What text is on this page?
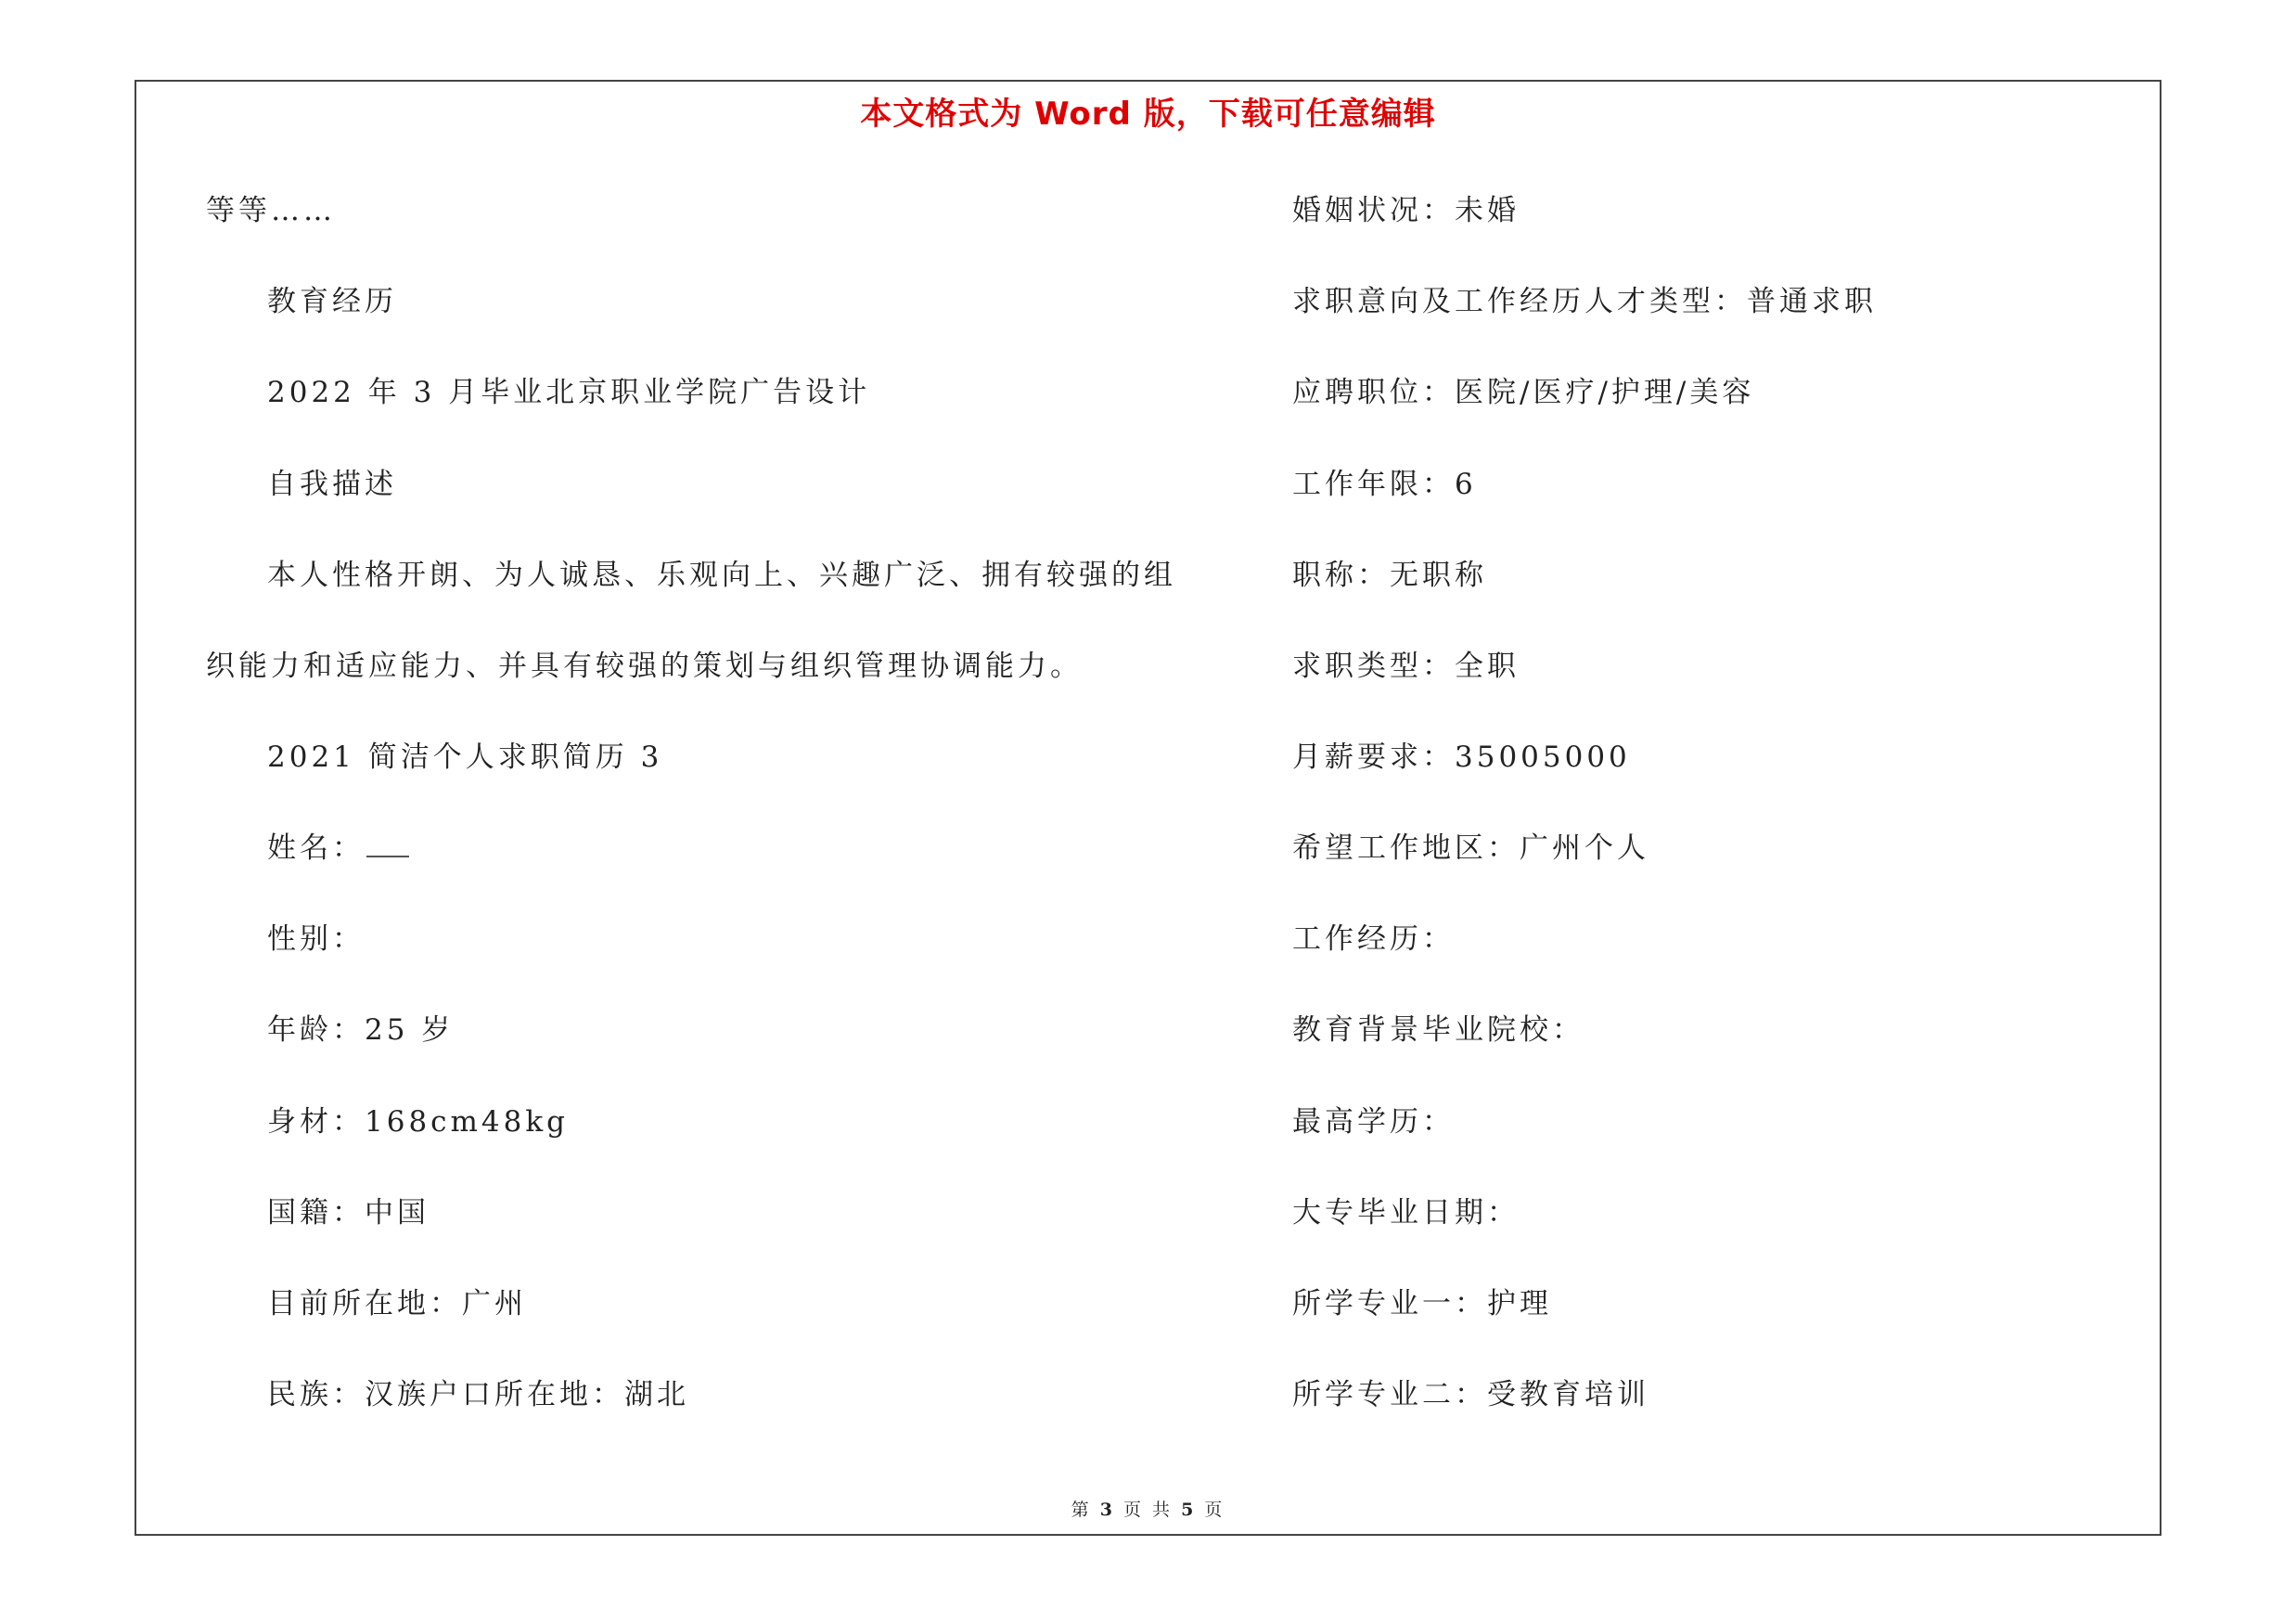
本文格式为 Word 版，下载可任意编辑
等等……
教育经历
2022 年 3 月毕业北京职业学院广告设计
自我描述
本人性格开朗、为人诚恳、乐观向上、兴趣广泛、拥有较强的组
织能力和适应能力、并具有较强的策划与组织管理协调能力。
2021 简洁个人求职简历 3
姓名：
性别：
年龄：25 岁
身材：168cm48kg
国籍：中国
目前所在地：广州
民族：汉族户口所在地：湖北
婚姻状况：未婚
求职意向及工作经历人才类型：普通求职
应聘职位：医院/医疗/护理/美容
工作年限：6
职称：无职称
求职类型：全职
月薪要求：35005000
希望工作地区：广州个人
工作经历：
教育背景毕业院校：
最高学历：
大专毕业日期：
所学专业一：护理
所学专业二：受教育培训
第 3 页 共 5 页
